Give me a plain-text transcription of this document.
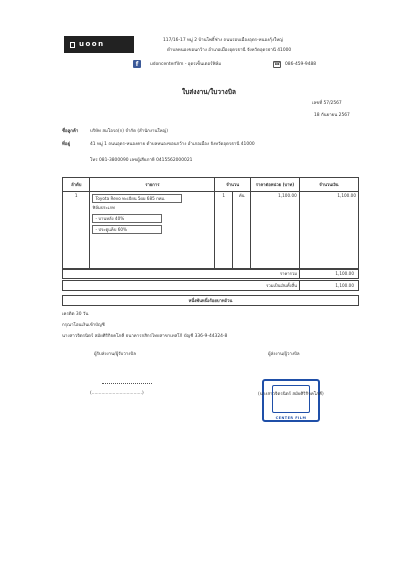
uoon	117/16-17 หมู่ 2 บ้านโพธิ์ช่าง ถนนรอบเมืองอุดร-หนองกุ้งใหญ่
ตำบลหนองขอนกว้าง อำเภอเมืองอุดรธานี จังหวัดอุดรธานี 41000
f	udoncenterfilm - อุดรเซ็นเตอร์ฟิล์ม	☎ 086-459-9488
ใบส่งงาน/ใบวางบิล
เลขที่ 57/2567
18 กันยายน 2567
ชื่อลูกค้า	บริษัท สมโอรถ(ก) จำกัด (สำนักงานใหญ่)
ที่อยู่	41 หมู่ 1 ถนนอุดร-หนองคาย ตำบลหนองขอนกว้าง อำเภอเมือง จังหวัดอุดรธานี 41000
โทร 081-3800090 เลขผู้เสียภาษี 0415562000021
ลำดับ	รายการ	จำนวน		ราคาต่อหน่วย (บาท)	จำนวนเงิน
1	Toyota Revo ทะเบียน 5ผผ 685 กทม.
ฟิล์มประเภท
- บานหลัง 40%
- ประตูแค็บ 60%	1	คัน	1,100.00	1,100.00
ราคารวม	1,100.00
รวมเป็นเงินทั้งสิ้น	1,100.00
หนึ่งพันหนึ่งร้อยบาทถ้วน
เครดิต 30 วัน
กรุณาโอนเงินเข้าบัญชี
นางสาวจิตรนิตร์ สมัยศิริกิจคโภคี ธนาคารกสิกรไทยสาขาเทสโก้ บัญชี 336-9-44324-8
ผู้รับส่งงาน/ผู้รับวางบิล
(....................................)
ผู้ส่งงาน/ผู้วางบิล
CENTER FILM
(นางสาวจิตรนิตร์ สมัยศิริกิจคโภคี)
